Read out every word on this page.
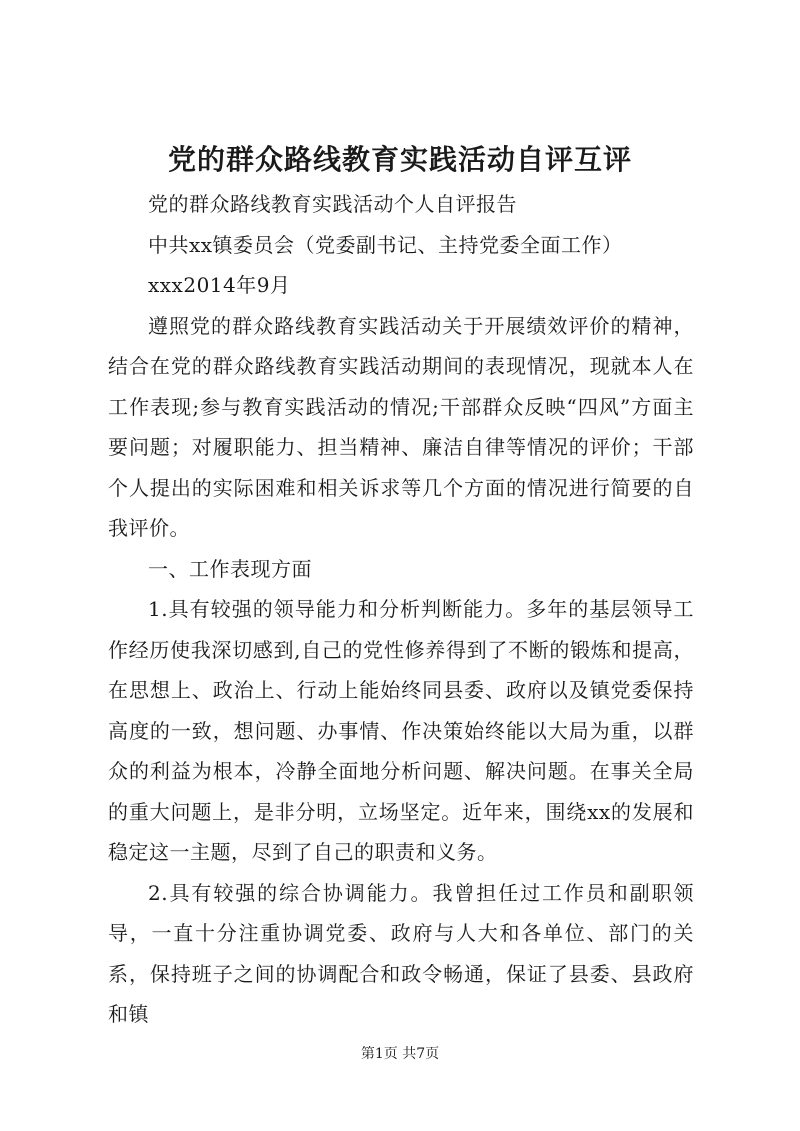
党的群众路线教育实践活动自评互评

党的群众路线教育实践活动个人自评报告

中共xx镇委员会（党委副书记、主持党委全面工作）

xxx2014年9月

遵照党的群众路线教育实践活动关于开展绩效评价的精神，结合在党的群众路线教育实践活动期间的表现情况，现就本人在工作表现;参与教育实践活动的情况;干部群众反映“四风”方面主要问题；对履职能力、担当精神、廉洁自律等情况的评价；干部个人提出的实际困难和相关诉求等几个方面的情况进行简要的自我评价。

一、工作表现方面

1.具有较强的领导能力和分析判断能力。多年的基层领导工作经历使我深切感到,自己的党性修养得到了不断的锻炼和提高，在思想上、政治上、行动上能始终同县委、政府以及镇党委保持高度的一致，想问题、办事情、作决策始终能以大局为重，以群众的利益为根本，冷静全面地分析问题、解决问题。在事关全局的重大问题上，是非分明，立场坚定。近年来，围绕xx的发展和稳定这一主题，尽到了自己的职责和义务。

2.具有较强的综合协调能力。我曾担任过工作员和副职领导，一直十分注重协调党委、政府与人大和各单位、部门的关系，保持班子之间的协调配合和政令畅通，保证了县委、县政府和镇

第1页 共7页
